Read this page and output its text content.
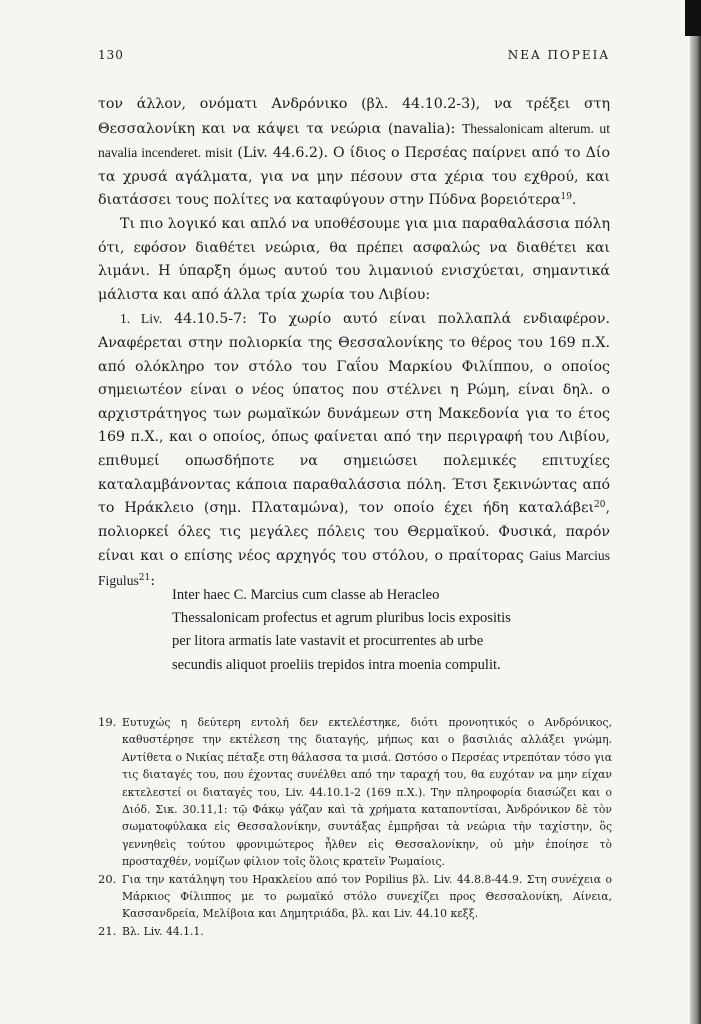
130	ΝΕΑ ΠΟΡΕΙΑ

τον άλλον, ονόματι Ανδρόνικο (βλ. 44.10.2-3), να τρέξει στη Θεσσαλονίκη και να κάψει τα νεώρια (navalia): Thessalonicam alterum. ut navalia incenderet. misit (Liv. 44.6.2). Ο ίδιος ο Περσέας παίρνει από το Δίο τα χρυσά αγάλματα, για να μην πέσουν στα χέρια του εχθρού, και διατάσσει τους πολίτες να καταφύγουν στην Πύδνα βορειότερα$^{19}$.

Τι πιο λογικό και απλό να υποθέσουμε για μια παραθαλάσσια πόλη ότι, εφόσον διαθέτει νεώρια, θα πρέπει ασφαλώς να διαθέτει και λιμάνι. Η ύπαρξη όμως αυτού του λιμανιού ενισχύεται, σημαντικά μάλιστα και από άλλα τρία χωρία του Λιβίου:

1. Liv. 44.10.5-7: Το χωρίο αυτό είναι πολλαπλά ενδιαφέρον. Αναφέρεται στην πολιορκία της Θεσσαλονίκης το θέρος του 169 π.Χ. από ολόκληρο τον στόλο του Γαΐου Μαρκίου Φιλίππου, ο οποίος σημειωτέον είναι ο νέος ύπατος που στέλνει η Ρώμη, είναι δηλ. ο αρχιστράτηγος των ρωμαϊκών δυνάμεων στη Μακεδονία για το έτος 169 π.Χ., και ο οποίος, όπως φαίνεται από την περιγραφή του Λιβίου, επιθυμεί οπωσδήποτε να σημειώσει πολεμικές επιτυχίες καταλαμβάνοντας κάποια παραθαλάσσια πόλη. Έτσι ξεκινώντας από το Ηράκλειο (σημ. Πλαταμώνα), τον οποίο έχει ήδη καταλάβει$^{20}$, πολιορκεί όλες τις μεγάλες πόλεις του Θερμαϊκού. Φυσικά, παρόν είναι και ο επίσης νέος αρχηγός του στόλου, ο πραίτορας Gaius Marcius Figulus$^{21}$:

Inter haec C. Marcius cum classe ab Heracleo
Thessalonicam profectus et agrum pluribus locis expositis
per litora armatis late vastavit et procurrentes ab urbe
secundis aliquot proeliis trepidos intra moenia compulit.

19. Ευτυχώς η δεύτερη εντολή δεν εκτελέστηκε, διότι προνοητικός ο Ανδρόνικος, καθυστέρησε την εκτέλεση της διαταγής, μήπως και ο βασιλιάς αλλάξει γνώμη. Αντίθετα ο Νικίας πέταξε στη θάλασσα τα μισά. Ωστόσο ο Περσέας ντρεπόταν τόσο για τις διαταγές του, που έχοντας συνέλθει από την ταραχή του, θα ευχόταν να μην είχαν εκτελεστεί οι διαταγές του, Liv. 44.10.1-2 (169 π.Χ.). Την πληροφορία διασώζει και ο Διόδ. Σικ. 30.11,1: τῷ Φάκῳ γάζαν καὶ τὰ χρήματα καταποντίσαι, Ἀνδρόνικον δὲ τὸν σωματοφύλακα εἰς Θεσσαλονίκην, συντάξας ἐμπρῆσαι τὰ νεώρια τὴν ταχίστην, ὃς γεννηθεὶς τούτου φρονιμώτερος ἦλθεν εἰς Θεσσαλονίκην, οὐ μὴν ἐποίησε τὸ προσταχθέν, νομίζων φίλιον τοῖς ὅλοις κρατεῖν Ῥωμαίοις.

20. Για την κατάληψη του Ηρακλείου από τον Popilius βλ. Liv. 44.8.8-44.9. Στη συνέχεια ο Μάρκιος Φίλιππος με το ρωμαϊκό στόλο συνεχίζει προς Θεσσαλονίκη, Αίνεια, Κασσανδρεία, Μελίβοια και Δημητριάδα, βλ. και Liv. 44.10 κεξξ.

21. Βλ. Liv. 44.1.1.
